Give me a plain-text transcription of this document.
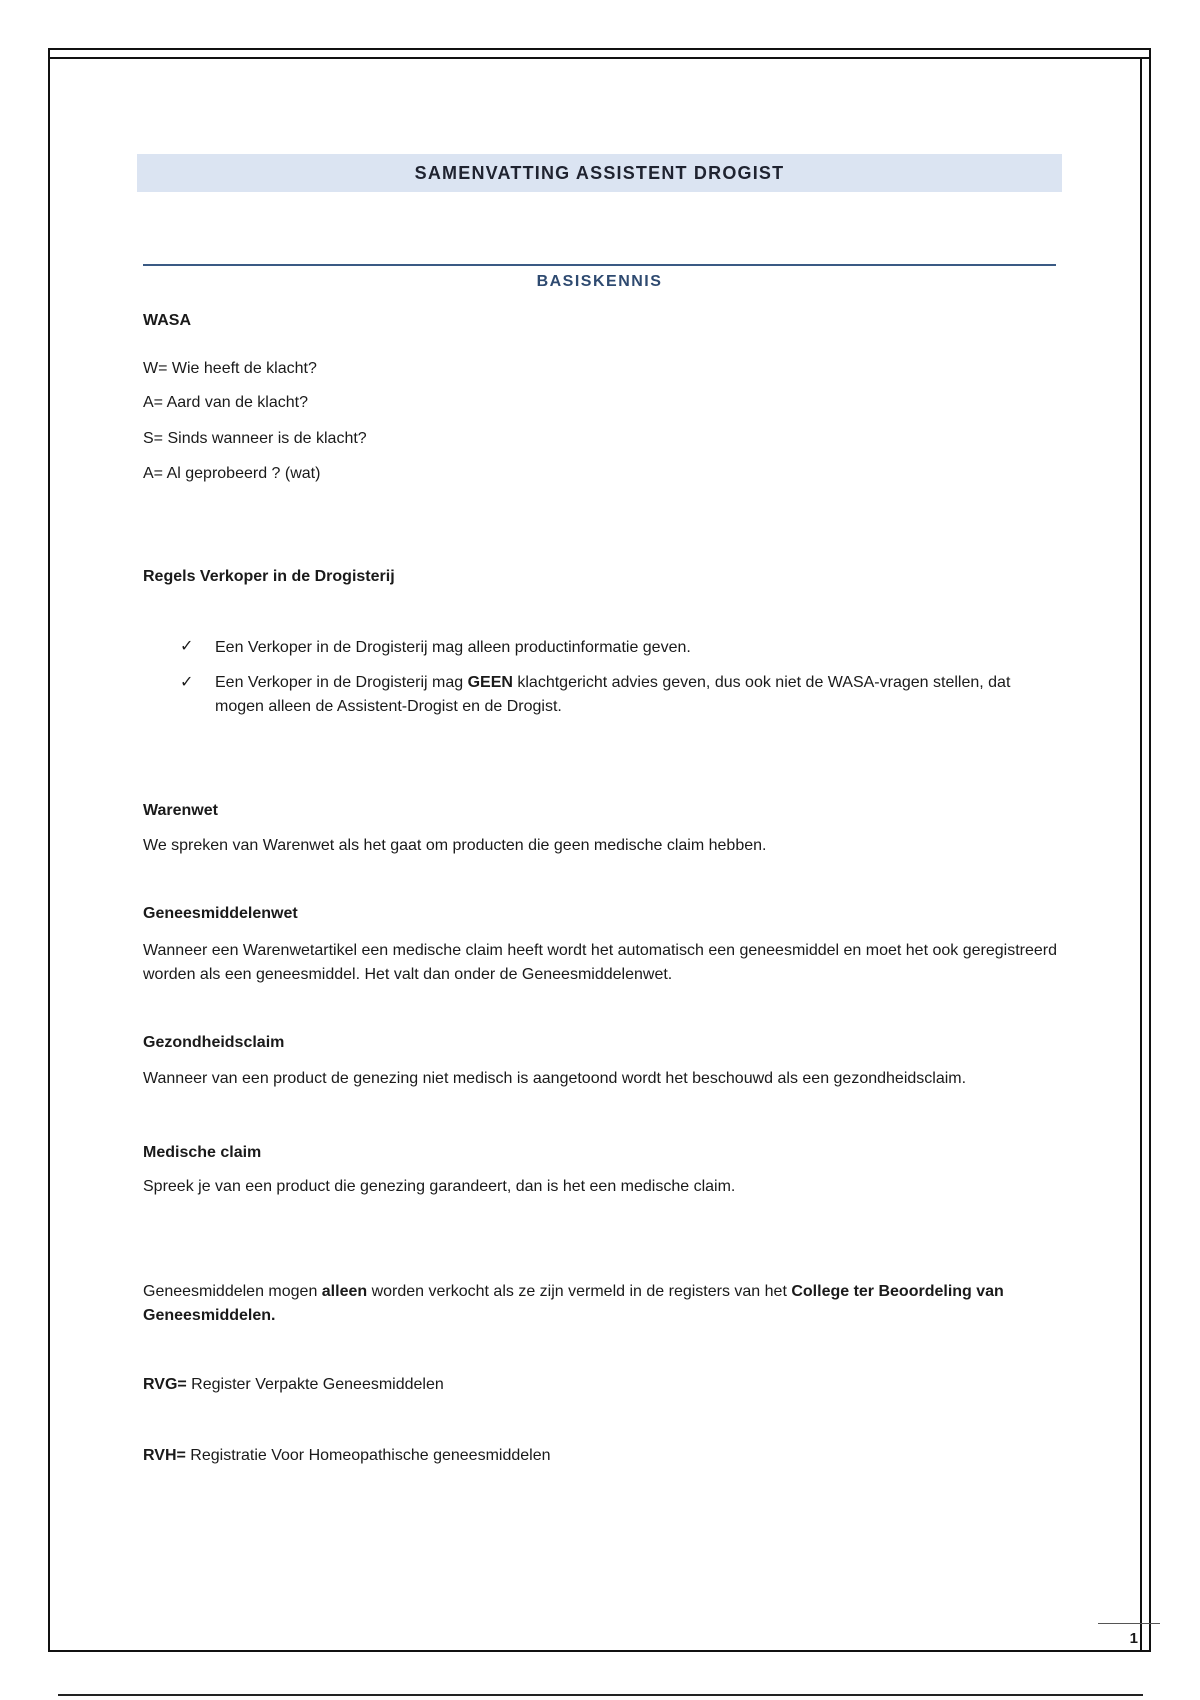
SAMENVATTING ASSISTENT DROGIST
BASISKENNIS
WASA
W= Wie heeft de klacht?
A= Aard van de klacht?
S= Sinds wanneer is de klacht?
A= Al geprobeerd ? (wat)
Regels Verkoper in de Drogisterij
✓ Een Verkoper in de Drogisterij mag alleen productinformatie geven.
✓ Een Verkoper in de Drogisterij mag GEEN klachtgericht advies geven, dus ook niet de WASA-vragen stellen, dat mogen alleen de Assistent-Drogist en de Drogist.
Warenwet
We spreken van Warenwet als het gaat om producten die geen medische claim hebben.
Geneesmiddelenwet
Wanneer een Warenwetartikel een medische claim heeft wordt het automatisch een geneesmiddel en moet het ook geregistreerd worden als een geneesmiddel. Het valt dan onder de Geneesmiddelenwet.
Gezondheidsclaim
Wanneer van een product de genezing niet medisch is aangetoond wordt het beschouwd als een gezondheidsclaim.
Medische claim
Spreek je van een product die genezing garandeert, dan is het een medische claim.
Geneesmiddelen mogen alleen worden verkocht als ze zijn vermeld in de registers van het College ter Beoordeling van Geneesmiddelen.
RVG= Register Verpakte Geneesmiddelen
RVH= Registratie Voor Homeopathische geneesmiddelen
1
